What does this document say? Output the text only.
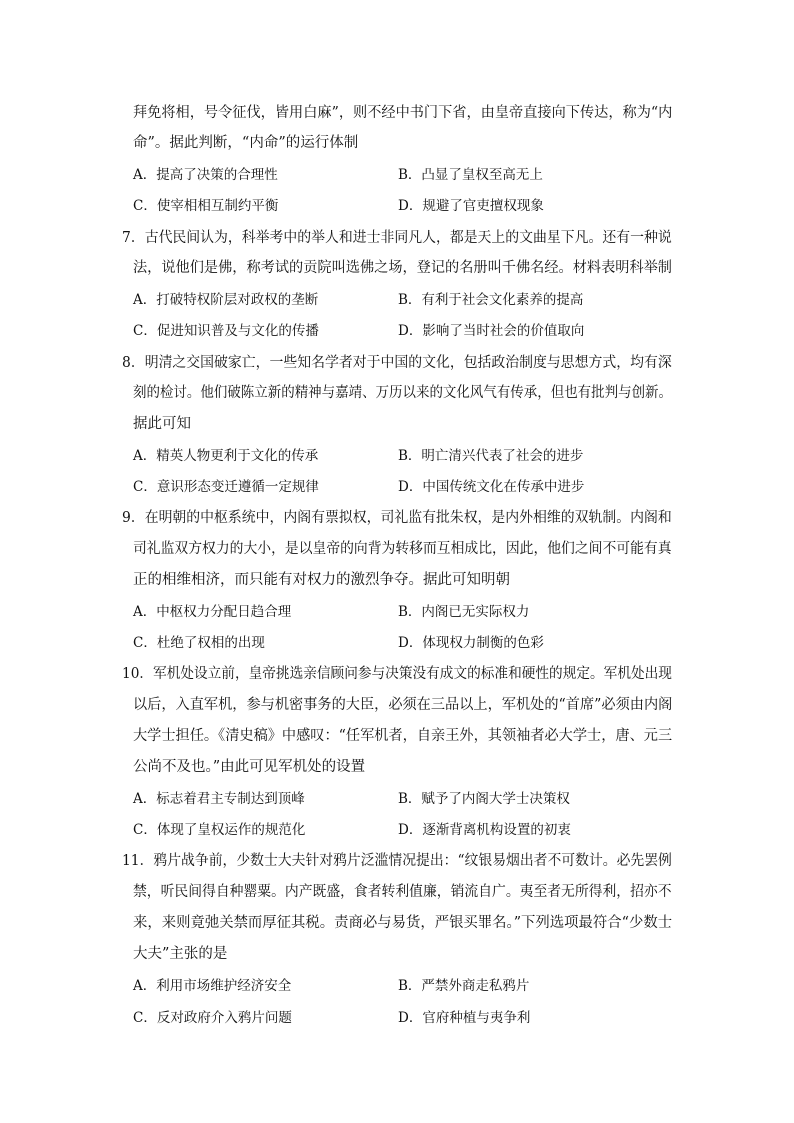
拜免将相，号令征伐，皆用白麻”，则不经中书门下省，由皇帝直接向下传达，称为“内
命”。据此判断，“内命”的运行体制
A．提高了决策的合理性	B．凸显了皇权至高无上
C．使宰相相互制约平衡	D．规避了官吏擅权现象
7．古代民间认为，科举考中的举人和进士非同凡人，都是天上的文曲星下凡。还有一种说
法，说他们是佛，称考试的贡院叫选佛之场，登记的名册叫千佛名经。材料表明科举制
A．打破特权阶层对政权的垄断	B．有利于社会文化素养的提高
C．促进知识普及与文化的传播	D．影响了当时社会的价值取向
8．明清之交国破家亡，一些知名学者对于中国的文化，包括政治制度与思想方式，均有深
刻的检讨。他们破陈立新的精神与嘉靖、万历以来的文化风气有传承，但也有批判与创新。
据此可知
A．精英人物更利于文化的传承	B．明亡清兴代表了社会的进步
C．意识形态变迁遵循一定规律	D．中国传统文化在传承中进步
9．在明朝的中枢系统中，内阁有票拟权，司礼监有批朱权，是内外相维的双轨制。内阁和
司礼监双方权力的大小，是以皇帝的向背为转移而互相成比，因此，他们之间不可能有真
正的相维相济，而只能有对权力的激烈争夺。据此可知明朝
A．中枢权力分配日趋合理	B．内阁已无实际权力
C．杜绝了权相的出现	D．体现权力制衡的色彩
10．军机处设立前，皇帝挑选亲信顾问参与决策没有成文的标准和硬性的规定。军机处出现
以后，入直军机，参与机密事务的大臣，必须在三品以上，军机处的“首席”必须由内阁
大学士担任。《清史稿》中感叹：“任军机者，自亲王外，其领袖者必大学士，唐、元三
公尚不及也。”由此可见军机处的设置
A．标志着君主专制达到顶峰	B．赋予了内阁大学士决策权
C．体现了皇权运作的规范化	D．逐渐背离机构设置的初衷
11．鸦片战争前，少数士大夫针对鸦片泛滥情况提出：“纹银易烟出者不可数计。必先罢例
禁，听民间得自种罂粟。内产既盛，食者转利值廉，销流自广。夷至者无所得利，招亦不
来，来则竟弛关禁而厚征其税。责商必与易货，严银买罪名。”下列选项最符合“少数士
大夫”主张的是
A．利用市场维护经济安全	B．严禁外商走私鸦片
C．反对政府介入鸦片问题	D．官府种植与夷争利
